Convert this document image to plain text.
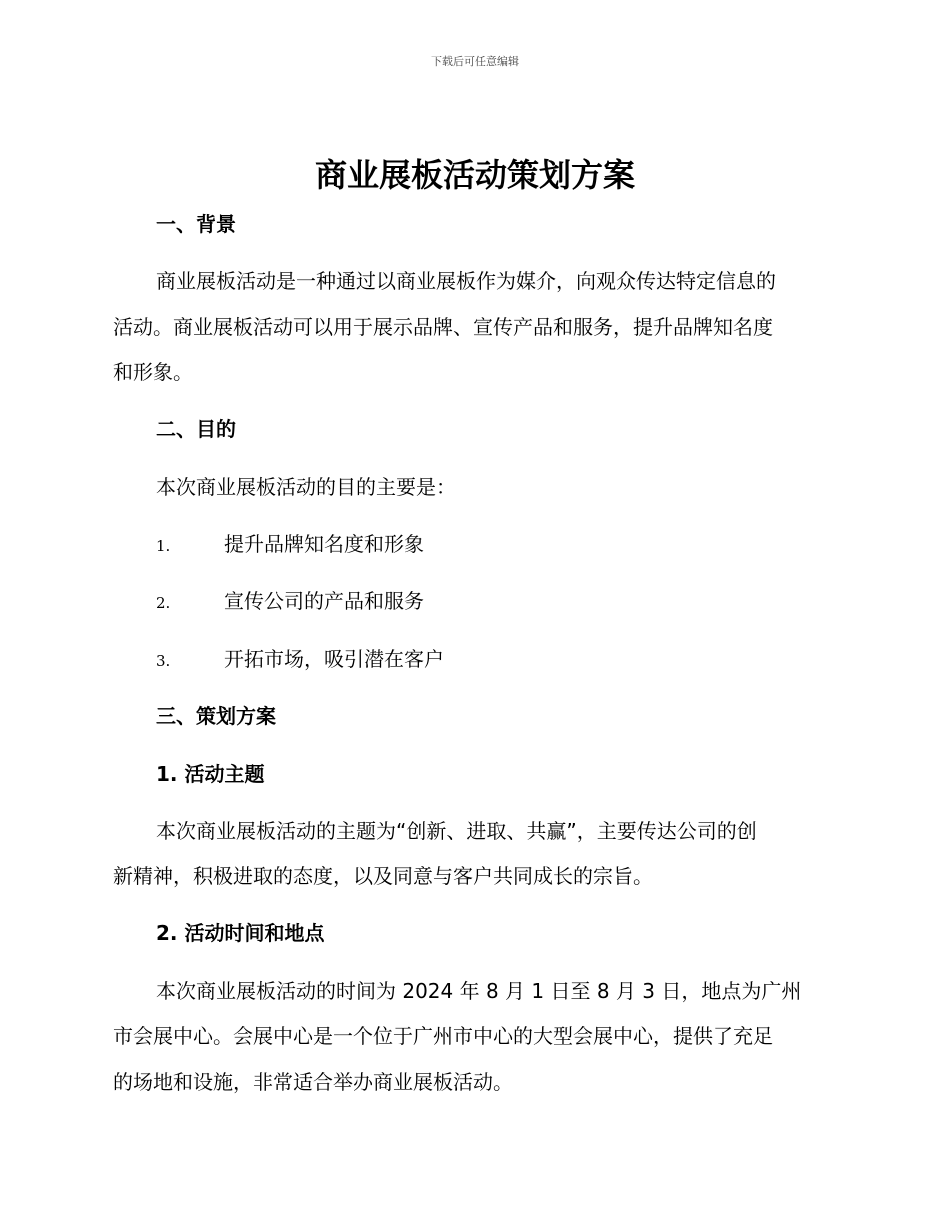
下载后可任意编辑
商业展板活动策划方案
一、背景
商业展板活动是一种通过以商业展板作为媒介，向观众传达特定信息的
活动。商业展板活动可以用于展示品牌、宣传产品和服务，提升品牌知名度
和形象。
二、目的
本次商业展板活动的目的主要是：
1.	提升品牌知名度和形象
2.	宣传公司的产品和服务
3.	开拓市场，吸引潜在客户
三、策划方案
1. 活动主题
本次商业展板活动的主题为“创新、进取、共赢”，主要传达公司的创
新精神，积极进取的态度，以及同意与客户共同成长的宗旨。
2. 活动时间和地点
本次商业展板活动的时间为 2024 年 8 月 1 日至 8 月 3 日，地点为广州
市会展中心。会展中心是一个位于广州市中心的大型会展中心，提供了充足
的场地和设施，非常适合举办商业展板活动。
